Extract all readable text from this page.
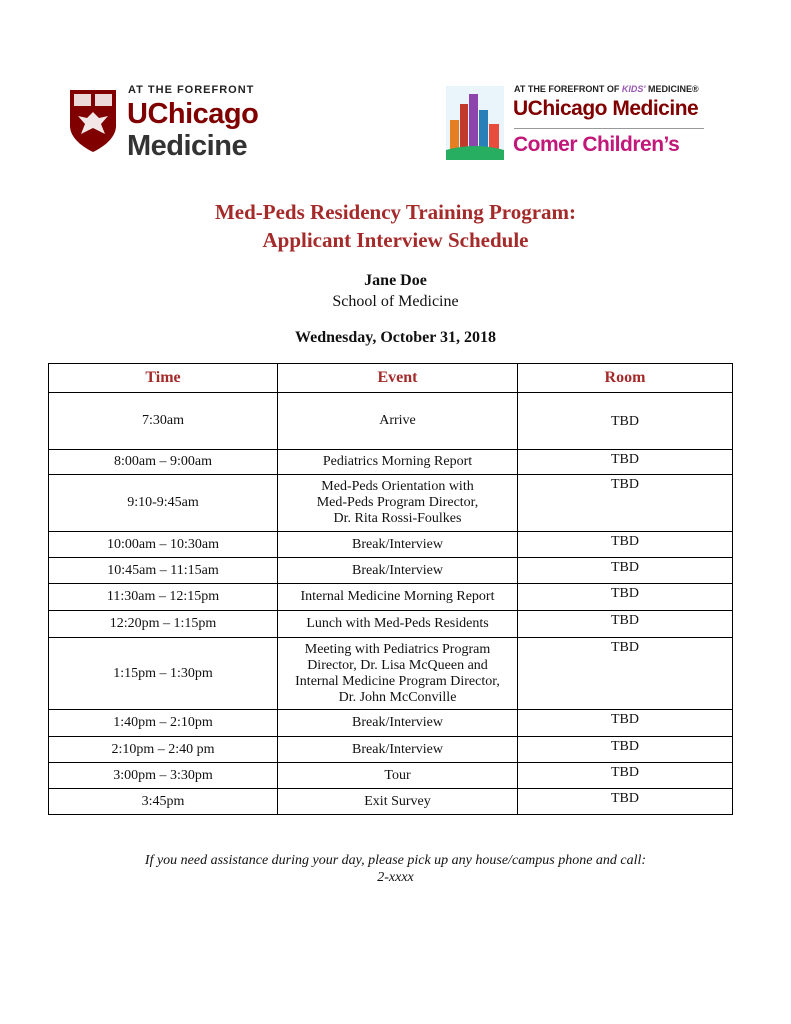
AT THE FOREFRONT
UChicago
Medicine
AT THE FOREFRONT OF KIDS' MEDICINE®
UChicago Medicine
Comer Children’s
Med-Peds Residency Training Program:
Applicant Interview Schedule
Jane Doe
School of Medicine
Wednesday, October 31, 2018
Time	Event	Room
7:30am	Arrive	TBD
8:00am – 9:00am	Pediatrics Morning Report	TBD
9:10-9:45am	Med-Peds Orientation with
Med-Peds Program Director,
Dr. Rita Rossi-Foulkes	TBD
10:00am – 10:30am	Break/Interview	TBD
10:45am – 11:15am	Break/Interview	TBD
11:30am – 12:15pm	Internal Medicine Morning Report	TBD
12:20pm – 1:15pm	Lunch with Med-Peds Residents	TBD
1:15pm – 1:30pm	Meeting with Pediatrics Program
Director, Dr. Lisa McQueen and
Internal Medicine Program Director,
Dr. John McConville	TBD
1:40pm – 2:10pm	Break/Interview	TBD
2:10pm – 2:40 pm	Break/Interview	TBD
3:00pm – 3:30pm	Tour	TBD
3:45pm	Exit Survey	TBD
If you need assistance during your day, please pick up any house/campus phone and call:
2-xxxx
